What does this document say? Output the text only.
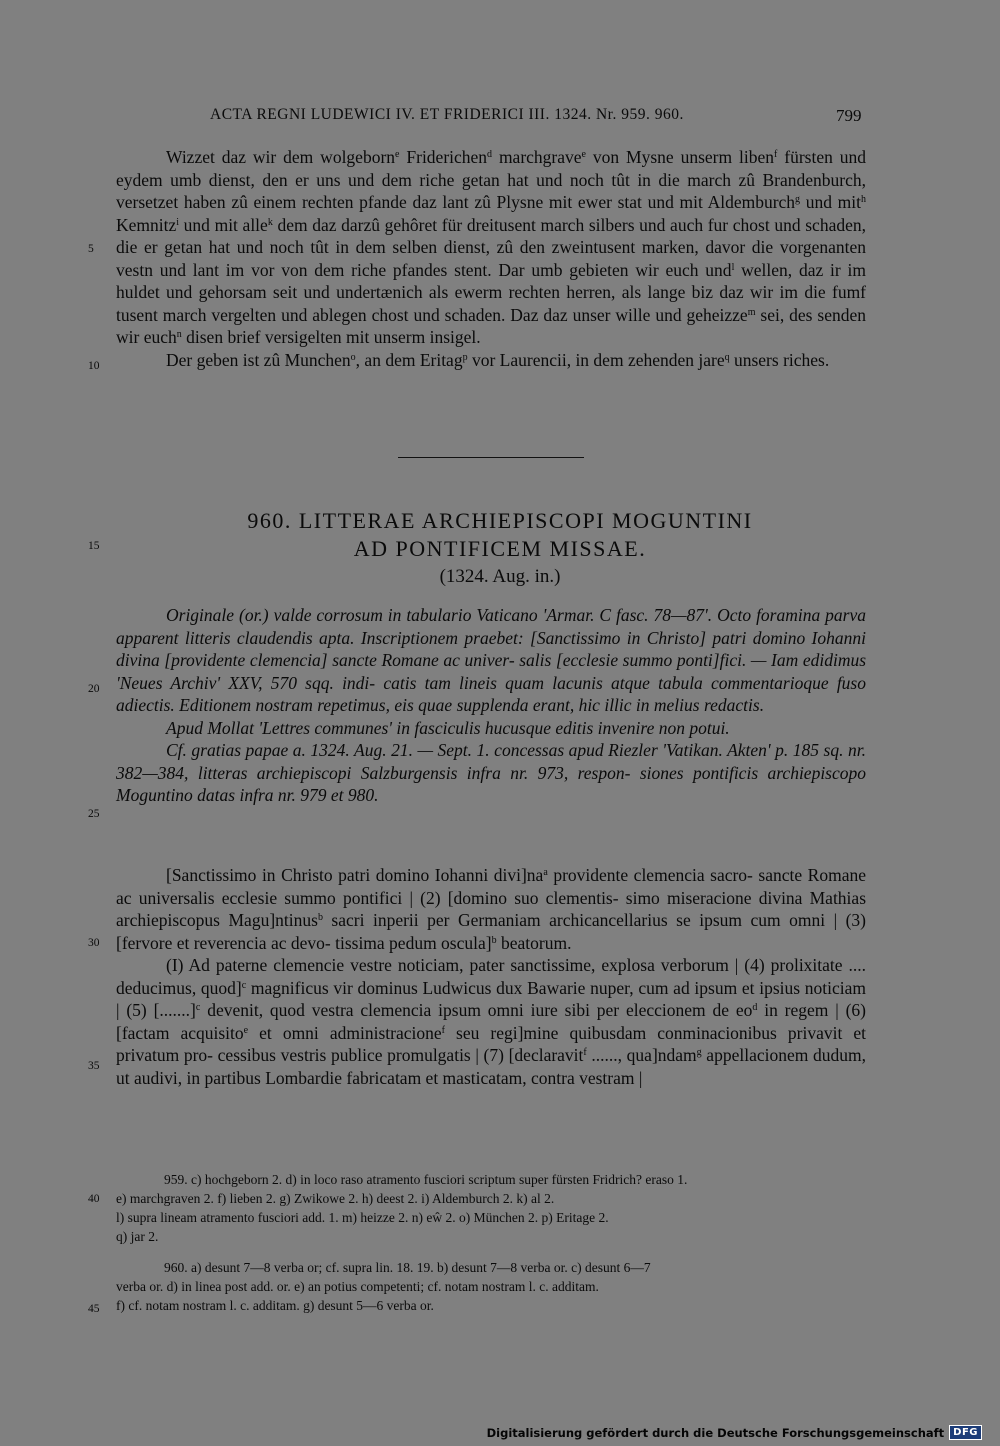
ACTA REGNI LUDEWICI IV. ET FRIDERICI III. 1324. Nr. 959. 960.	799

Wizzet daz wir dem wolgeborn$^e$ Friderichen$^d$ marchgrave$^e$ von Mysne unserm liben$^f$ fürsten und eydem umb dienst, den er uns und dem riche getan hat und noch tût in die march zû Brandenburch, versetzet haben zû einem rechten pfande daz lant zû Plysne mit ewer stat und mit Aldemburch$^g$ und mit$^h$ Kemnitz$^i$ und mit alle$^k$ dem daz darzû gehôret für dreitusent march silbers und auch fur chost und schaden, die er getan hat und noch tût in dem selben dienst, zû den zweintusent marken, davor die vorgenanten vestn und lant im vor von dem riche pfandes stent. Dar umb gebieten wir euch und$^l$ wellen, daz ir im huldet und gehorsam seit und undertænich als ewerm rechten herren, als lange biz daz wir im die fumf tusent march vergelten und ablegen chost und schaden. Daz daz unser wille und geheizze$^m$ sei, des senden wir euch$^n$ disen brief versigelten mit unserm insigel.

Der geben ist zû Munchen$^o$, an dem Eritag$^p$ vor Laurencii, in dem zehenden jare$^q$ unsers riches.

5
10
960. LITTERAE ARCHIEPISCOPI MOGUNTINI
AD PONTIFICEM MISSAE.
15
(1324. Aug. in.)

Originale (or.) valde corrosum in tabulario Vaticano 'Armar. C fasc. 78—87'. Octo foramina parva apparent litteris claudendis apta. Inscriptionem praebet: [Sanctissimo in Christo] patri domino Iohanni divina [providente clemencia] sancte Romane ac univer- salis [ecclesie summo ponti]fici. — Iam edidimus 'Neues Archiv' XXV, 570 sqq. indi- catis tam lineis quam lacunis atque tabula commentarioque fuso adiectis. Editionem nostram repetimus, eis quae supplenda erant, hic illic in melius redactis.

Apud Mollat 'Lettres communes' in fasciculis hucusque editis invenire non potui.

Cf. gratias papae a. 1324. Aug. 21. — Sept. 1. concessas apud Riezler 'Vatikan. Akten' p. 185 sq. nr. 382—384, litteras archiepiscopi Salzburgensis infra nr. 973, respon- siones pontificis archiepiscopo Moguntino datas infra nr. 979 et 980.

20
25

[Sanctissimo in Christo patri domino Iohanni $divi]na^a$ providente clemencia sacro- sancte Romane ac universalis ecclesie summo pontifici | (2) [domino suo clementis- simo miseracione divina Mathias archiepiscopus Magu]ntinus$^b$ sacri inperii per Germaniam archicancellarius se ipsum cum omni | (3) [fervore et reverencia ac devo- tissima pedum oscula]$^b$ beatorum.

(I) Ad paterne clemencie vestre noticiam, pater sanctissime, explosa verborum | (4) prolixitate .... deducimus, quod]$^c$ magnificus vir dominus Ludwicus dux Bawarie nuper, cum ad ipsum et ipsius noticiam | (5) [.......]$^c$ devenit, quod vestra clemencia ipsum omni iure sibi per eleccionem de $eo^d$ in regem | (6) [factam acquisito$^e$ et omni administracione$^f$ seu regi]mine quibusdam conminacionibus privavit et privatum pro- cessibus vestris publice promulgatis | (7) [declaravit$^f$ ......, qua]ndam$^g$ appellacionem dudum, ut audivi, in partibus Lombardie fabricatam et masticatam, contra vestram |

30
35

959. c) hochgeborn 2. d) in loco raso atramento fusciori scriptum super fürsten Fridrich? eraso 1.

e) marchgraven 2. f) lieben 2. g) Zwikowe 2. h) deest 2. i) Aldemburch 2. k) al 2.

l) supra lineam atramento fusciori add. 1. m) heizze 2. n) eŵ 2. o) München 2. p) Eritage 2.

q) jar 2.

960. a) desunt 7—8 verba or; cf. supra lin. 18. 19. b) desunt 7—8 verba or. c) desunt 6—7

verba or. d) in linea post add. or. e) an potius competenti; cf. notam nostram l. c. additam.

f) cf. notam nostram l. c. additam. g) desunt 5—6 verba or.

40
45
Digitalisierung gefördert durch die Deutsche Forschungsgemeinschaft DFG
